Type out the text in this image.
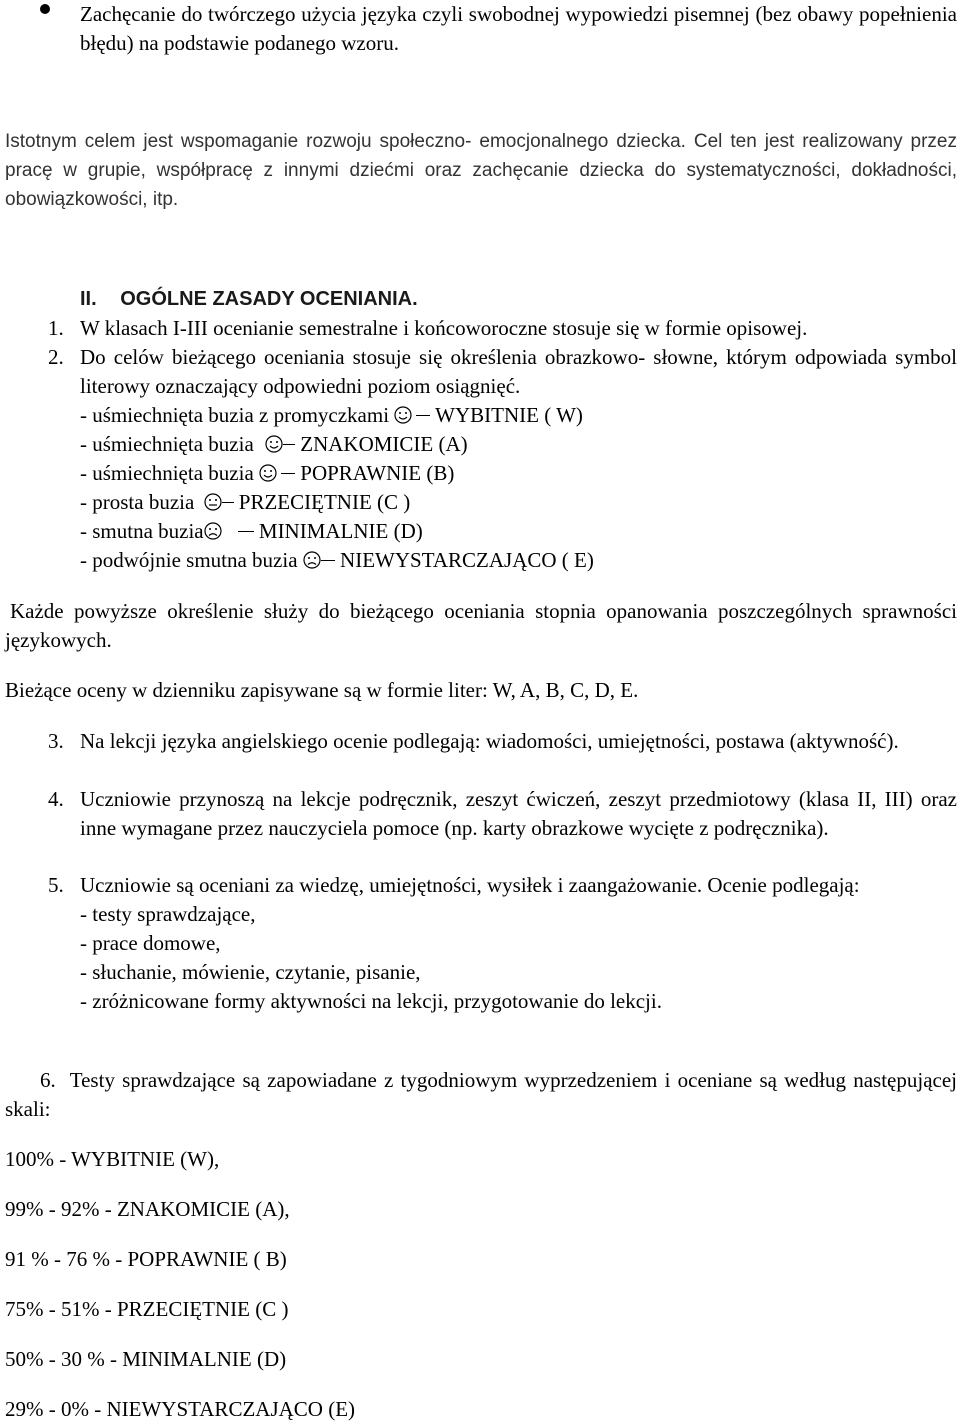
Zachęcanie do twórczego użycia języka czyli swobodnej wypowiedzi pisemnej (bez obawy popełnienia błędu) na podstawie podanego wzoru.
Istotnym celem jest wspomaganie rozwoju społeczno- emocjonalnego dziecka. Cel ten jest realizowany przez pracę w grupie, współpracę z innymi dziećmi oraz zachęcanie dziecka do systematyczności, dokładności, obowiązkowości, itp.
II. OGÓLNE ZASADY OCENIANIA.
1. W klasach I-III ocenianie semestralne i końcoworoczne stosuje się w formie opisowej.
2. Do celów bieżącego oceniania stosuje się określenia obrazkowo- słowne, którym odpowiada symbol literowy oznaczający odpowiedni poziom osiągnięć.
- uśmiechnięta buzia z promyczkami
WYBITNIE ( W)
- uśmiechnięta buzia
ZNAKOMICIE (A)
- uśmiechnięta buzia
POPRAWNIE (B)
- prosta buzia
PRZECIĘTNIE (C )
- smutna buzia
MINIMALNIE (D)
- podwójnie smutna buzia
NIEWYSTARCZAJĄCO ( E)
Każde powyższe określenie służy do bieżącego oceniania stopnia opanowania poszczególnych sprawności językowych.
Bieżące oceny w dzienniku zapisywane są w formie liter: W, A, B, C, D, E.
3. Na lekcji języka angielskiego ocenie podlegają: wiadomości, umiejętności, postawa (aktywność).
4. Uczniowie przynoszą na lekcje podręcznik, zeszyt ćwiczeń, zeszyt przedmiotowy (klasa II, III) oraz inne wymagane przez nauczyciela pomoce (np. karty obrazkowe wycięte z podręcznika).
5. Uczniowie są oceniani za wiedzę, umiejętności, wysiłek i zaangażowanie. Ocenie podlegają:
- testy sprawdzające,
- prace domowe,
- słuchanie, mówienie, czytanie, pisanie,
- zróżnicowane formy aktywności na lekcji, przygotowanie do lekcji.
6. Testy sprawdzające są zapowiadane z tygodniowym wyprzedzeniem i oceniane są według następującej skali:
100% - WYBITNIE (W),
99% - 92% - ZNAKOMICIE (A),
91 % - 76 % - POPRAWNIE ( B)
75% - 51% - PRZECIĘTNIE (C )
50% - 30 % - MINIMALNIE (D)
29% - 0% - NIEWYSTARCZAJĄCO (E)
